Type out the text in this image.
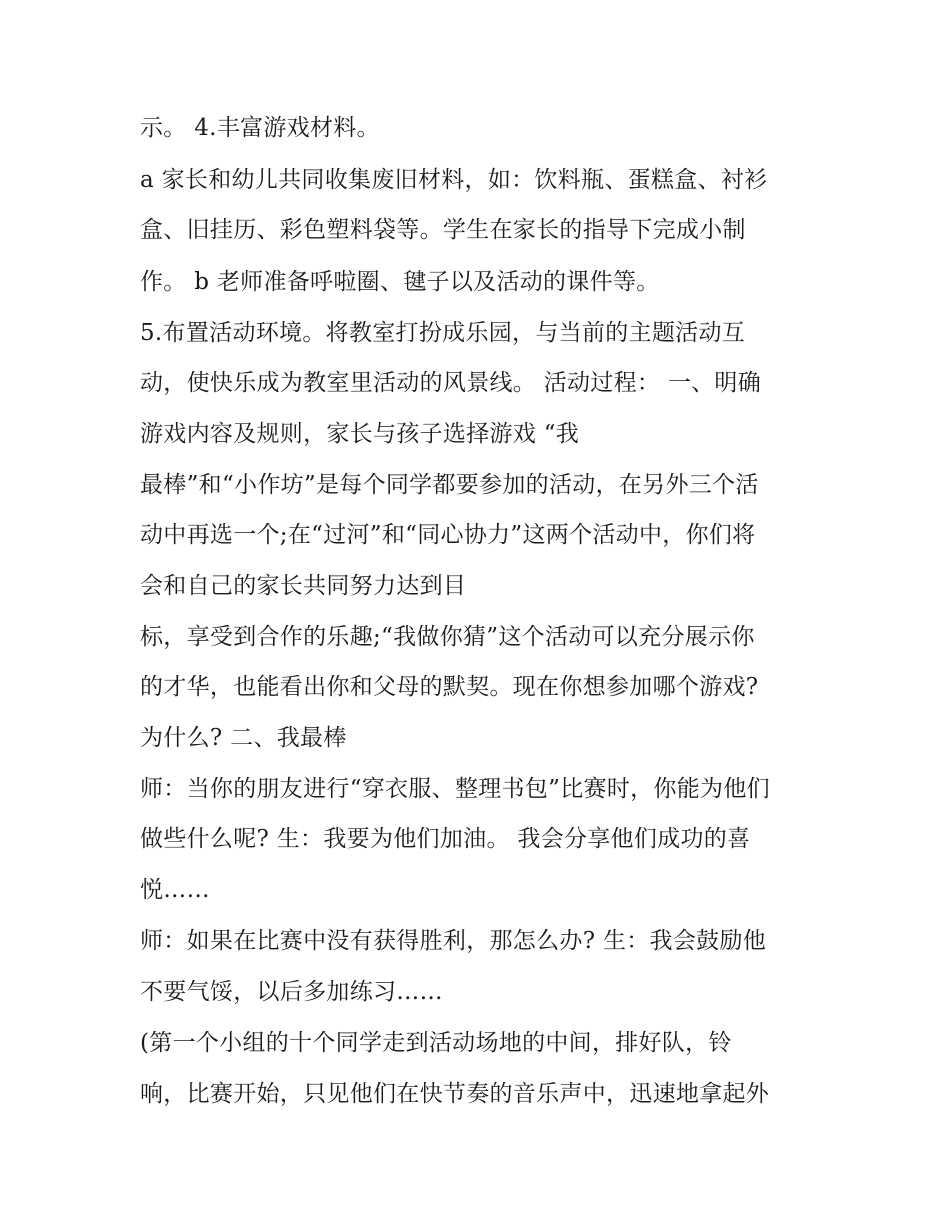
示。 4.丰富游戏材料。
a 家长和幼儿共同收集废旧材料，如：饮料瓶、蛋糕盒、衬衫
盒、旧挂历、彩色塑料袋等。学生在家长的指导下完成小制
作。 b 老师准备呼啦圈、毽子以及活动的课件等。
5.布置活动环境。将教室打扮成乐园，与当前的主题活动互
动，使快乐成为教室里活动的风景线。 活动过程： 一、明确
游戏内容及规则，家长与孩子选择游戏 “我
最棒”和“小作坊”是每个同学都要参加的活动，在另外三个活
动中再选一个;在“过河”和“同心协力”这两个活动中，你们将
会和自己的家长共同努力达到目
标，享受到合作的乐趣;“我做你猜”这个活动可以充分展示你
的才华，也能看出你和父母的默契。现在你想参加哪个游戏?
为什么? 二、我最棒
师：当你的朋友进行“穿衣服、整理书包”比赛时，你能为他们
做些什么呢? 生：我要为他们加油。 我会分享他们成功的喜
悦……
师：如果在比赛中没有获得胜利，那怎么办? 生：我会鼓励他
不要气馁，以后多加练习……
(第一个小组的十个同学走到活动场地的中间，排好队，铃
响，比赛开始，只见他们在快节奏的音乐声中，迅速地拿起外
